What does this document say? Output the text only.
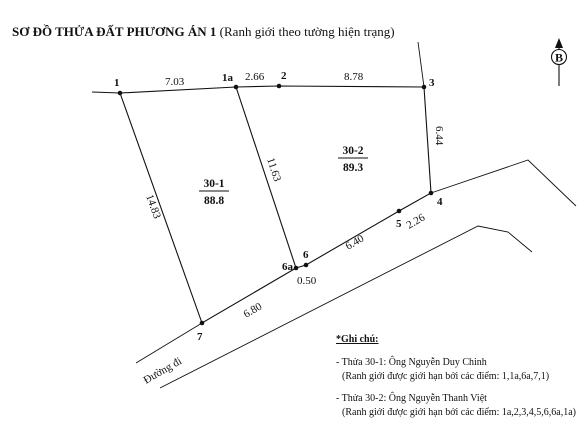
SƠ ĐỒ THỬA ĐẤT PHƯƠNG ÁN 1 (Ranh giới theo tường hiện trạng)
B
1	1a	2
3
4
5
6
6a
7
7.03	2.66	8.78
6.44
2.26
6.40
0.50
6.80
14.83
11.63
30-1
88.8
30-2
89.3
Đường đi
*Ghi chú:
- Thửa 30-1: Ông Nguyễn Duy Chinh
(Ranh giới được giới hạn bởi các điểm: 1,1a,6a,7,1)
- Thửa 30-2: Ông Nguyễn Thanh Việt
(Ranh giới được giới hạn bởi các điểm: 1a,2,3,4,5,6,6a,1a)
